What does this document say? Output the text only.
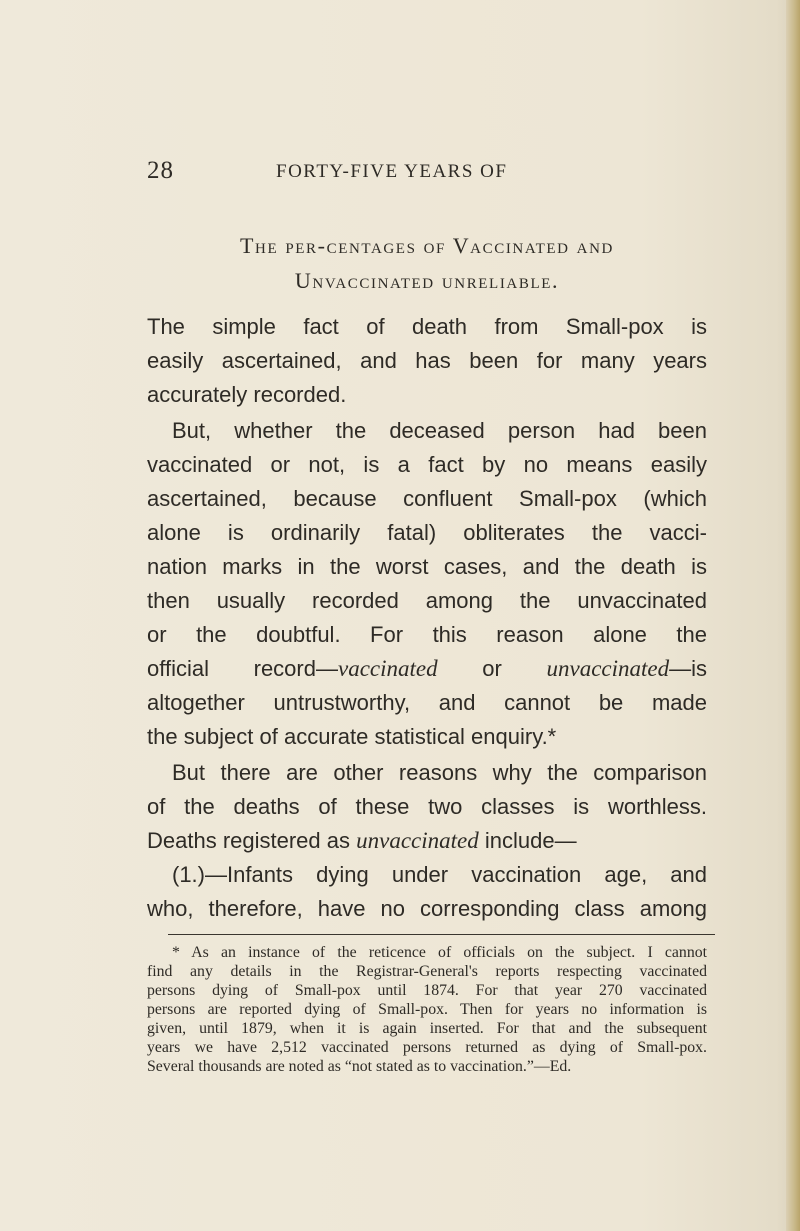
28	FORTY-FIVE YEARS OF
The per-centages of Vaccinated and
Unvaccinated unreliable.
The simple fact of death from Small-pox is
easily ascertained, and has been for many years
accurately recorded.
But, whether the deceased person had been
vaccinated or not, is a fact by no means easily
ascertained, because confluent Small-pox (which
alone is ordinarily fatal) obliterates the vacci-
nation marks in the worst cases, and the death is
then usually recorded among the unvaccinated
or the doubtful. For this reason alone the
official record—vaccinated or unvaccinated—is
altogether untrustworthy, and cannot be made
the subject of accurate statistical enquiry.*
But there are other reasons why the comparison
of the deaths of these two classes is worthless.
Deaths registered as unvaccinated include—
(1.)—Infants dying under vaccination age, and
who, therefore, have no corresponding class among
* As an instance of the reticence of officials on the subject. I cannot
find any details in the Registrar-General's reports respecting vaccinated
persons dying of Small-pox until 1874. For that year 270 vaccinated
persons are reported dying of Small-pox. Then for years no information is
given, until 1879, when it is again inserted. For that and the subsequent
years we have 2,512 vaccinated persons returned as dying of Small-pox.
Several thousands are noted as “not stated as to vaccination.”—Ed.
